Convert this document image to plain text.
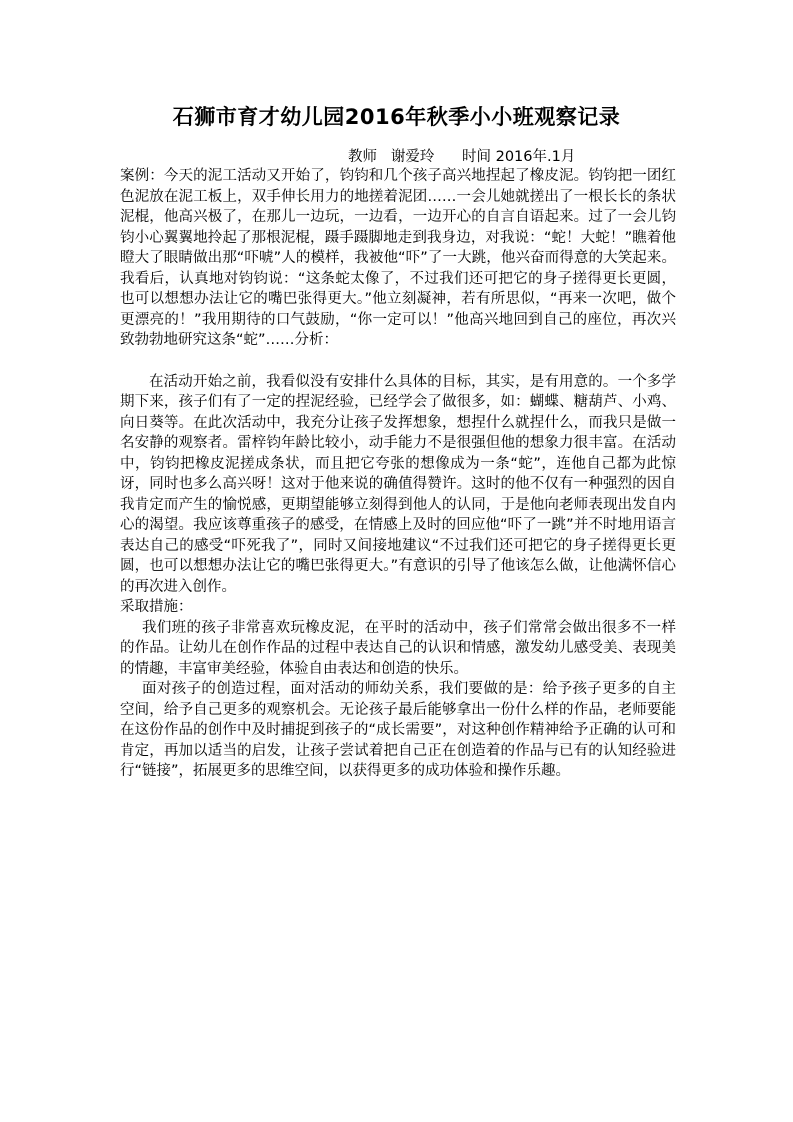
石狮市育才幼儿园2016年秋季小小班观察记录
教师 谢爱玲 时间 2016年.1月

案例：今天的泥工活动又开始了，钧钧和几个孩子高兴地捏起了橡皮泥。钧钧把一团红色泥放在泥工板上，双手伸长用力的地搓着泥团……一会儿她就搓出了一根长长的条状泥棍，他高兴极了，在那儿一边玩，一边看，一边开心的自言自语起来。过了一会儿钧钧小心翼翼地拎起了那根泥棍，蹑手蹑脚地走到我身边，对我说：“蛇！大蛇！”瞧着他瞪大了眼睛做出那“吓唬”人的模样，我被他“吓”了一大跳，他兴奋而得意的大笑起来。我看后，认真地对钧钧说：“这条蛇太像了，不过我们还可把它的身子搓得更长更圆，也可以想想办法让它的嘴巴张得更大。”他立刻凝神，若有所思似，“再来一次吧，做个更漂亮的！”我用期待的口气鼓励，“你一定可以！”他高兴地回到自己的座位，再次兴致勃勃地研究这条“蛇”……分析：

在活动开始之前，我看似没有安排什么具体的目标，其实，是有用意的。一个多学期下来，孩子们有了一定的捏泥经验，已经学会了做很多，如：蝴蝶、糖葫芦、小鸡、向日葵等。在此次活动中，我充分让孩子发挥想象，想捏什么就捏什么，而我只是做一名安静的观察者。雷梓钧年龄比较小，动手能力不是很强但他的想象力很丰富。在活动中，钧钧把橡皮泥搓成条状，而且把它夸张的想像成为一条“蛇”，连他自己都为此惊讶，同时也多么高兴呀！这对于他来说的确值得赞许。这时的他不仅有一种强烈的因自我肯定而产生的愉悦感，更期望能够立刻得到他人的认同，于是他向老师表现出发自内心的渴望。我应该尊重孩子的感受，在情感上及时的回应他“吓了一跳”并不时地用语言表达自己的感受“吓死我了”，同时又间接地建议“不过我们还可把它的身子搓得更长更圆，也可以想想办法让它的嘴巴张得更大。”有意识的引导了他该怎么做，让他满怀信心的再次进入创作。

采取措施：

我们班的孩子非常喜欢玩橡皮泥，在平时的活动中，孩子们常常会做出很多不一样的作品。让幼儿在创作作品的过程中表达自己的认识和情感，激发幼儿感受美、表现美的情趣，丰富审美经验，体验自由表达和创造的快乐。

面对孩子的创造过程，面对活动的师幼关系，我们要做的是：给予孩子更多的自主空间，给予自己更多的观察机会。无论孩子最后能够拿出一份什么样的作品，老师要能在这份作品的创作中及时捕捉到孩子的“成长需要”，对这种创作精神给予正确的认可和肯定，再加以适当的启发，让孩子尝试着把自己正在创造着的作品与已有的认知经验进行“链接”，拓展更多的思维空间，以获得更多的成功体验和操作乐趣。
